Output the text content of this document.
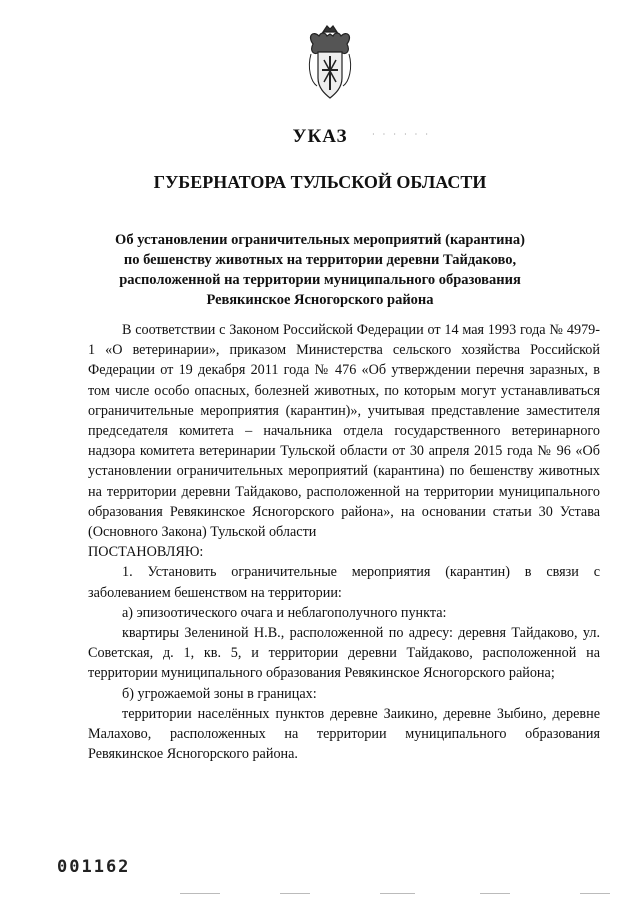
УКАЗ	· · · · · ·
ГУБЕРНАТОРА ТУЛЬСКОЙ ОБЛАСТИ
Об установлении ограничительных мероприятий (карантина)
по бешенству животных на территории деревни Тайдаково,
расположенной на территории муниципального образования
Ревякинское Ясногорского района

В соответствии с Законом Российской Федерации от 14 мая 1993 года № 4979-1 «О ветеринарии», приказом Министерства сельского хозяйства Российской Федерации от 19 декабря 2011 года № 476 «Об утверждении перечня заразных, в том числе особо опасных, болезней животных, по которым могут устанавливаться ограничительные мероприятия (карантин)», учитывая представление заместителя председателя комитета – начальника отдела государственного ветеринарного надзора комитета ветеринарии Тульской области от 30 апреля 2015 года № 96 «Об установлении ограничительных мероприятий (карантина) по бешенству животных на территории деревни Тайдаково, расположенной на территории муниципального образования Ревякинское Ясногорского района», на основании статьи 30 Устава (Основного Закона) Тульской области

ПОСТАНОВЛЯЮ:

1. Установить ограничительные мероприятия (карантин) в связи с заболеванием бешенством на территории:

а) эпизоотического очага и неблагополучного пункта:

квартиры Зелениной Н.В., расположенной по адресу: деревня Тайдаково, ул. Советская, д. 1, кв. 5, и территории деревни Тайдаково, расположенной на территории муниципального образования Ревякинское Ясногорского района;

б) угрожаемой зоны в границах:

территории населённых пунктов деревне Заикино, деревне Зыбино, деревне Малахово, расположенных на территории муниципального образования Ревякинское Ясногорского района.

001162
